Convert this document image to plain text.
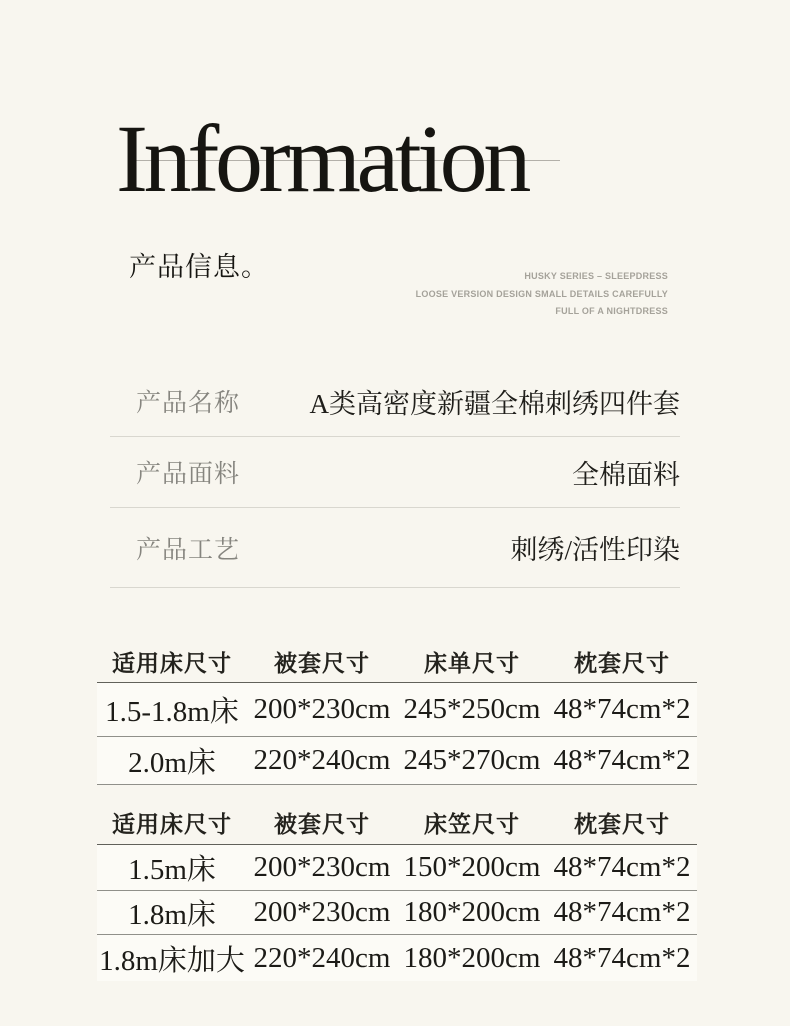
Information
产品信息。	HUSKY SERIES – SLEEPDRESS
LOOSE VERSION DESIGN SMALL DETAILS CAREFULLY
FULL OF A NIGHTDRESS
产品名称	A类高密度新疆全棉刺绣四件套
产品面料	全棉面料
产品工艺	刺绣/活性印染
适用床尺寸	被套尺寸	床单尺寸	枕套尺寸
1.5-1.8m床 200*230cm 245*250cm 48*74cm*2
2.0m床	220*240cm 245*270cm 48*74cm*2
适用床尺寸	被套尺寸	床笠尺寸	枕套尺寸
1.5m床	200*230cm 150*200cm 48*74cm*2
1.8m床	200*230cm 180*200cm 48*74cm*2
1.8m床加大 220*240cm 180*200cm 48*74cm*2
